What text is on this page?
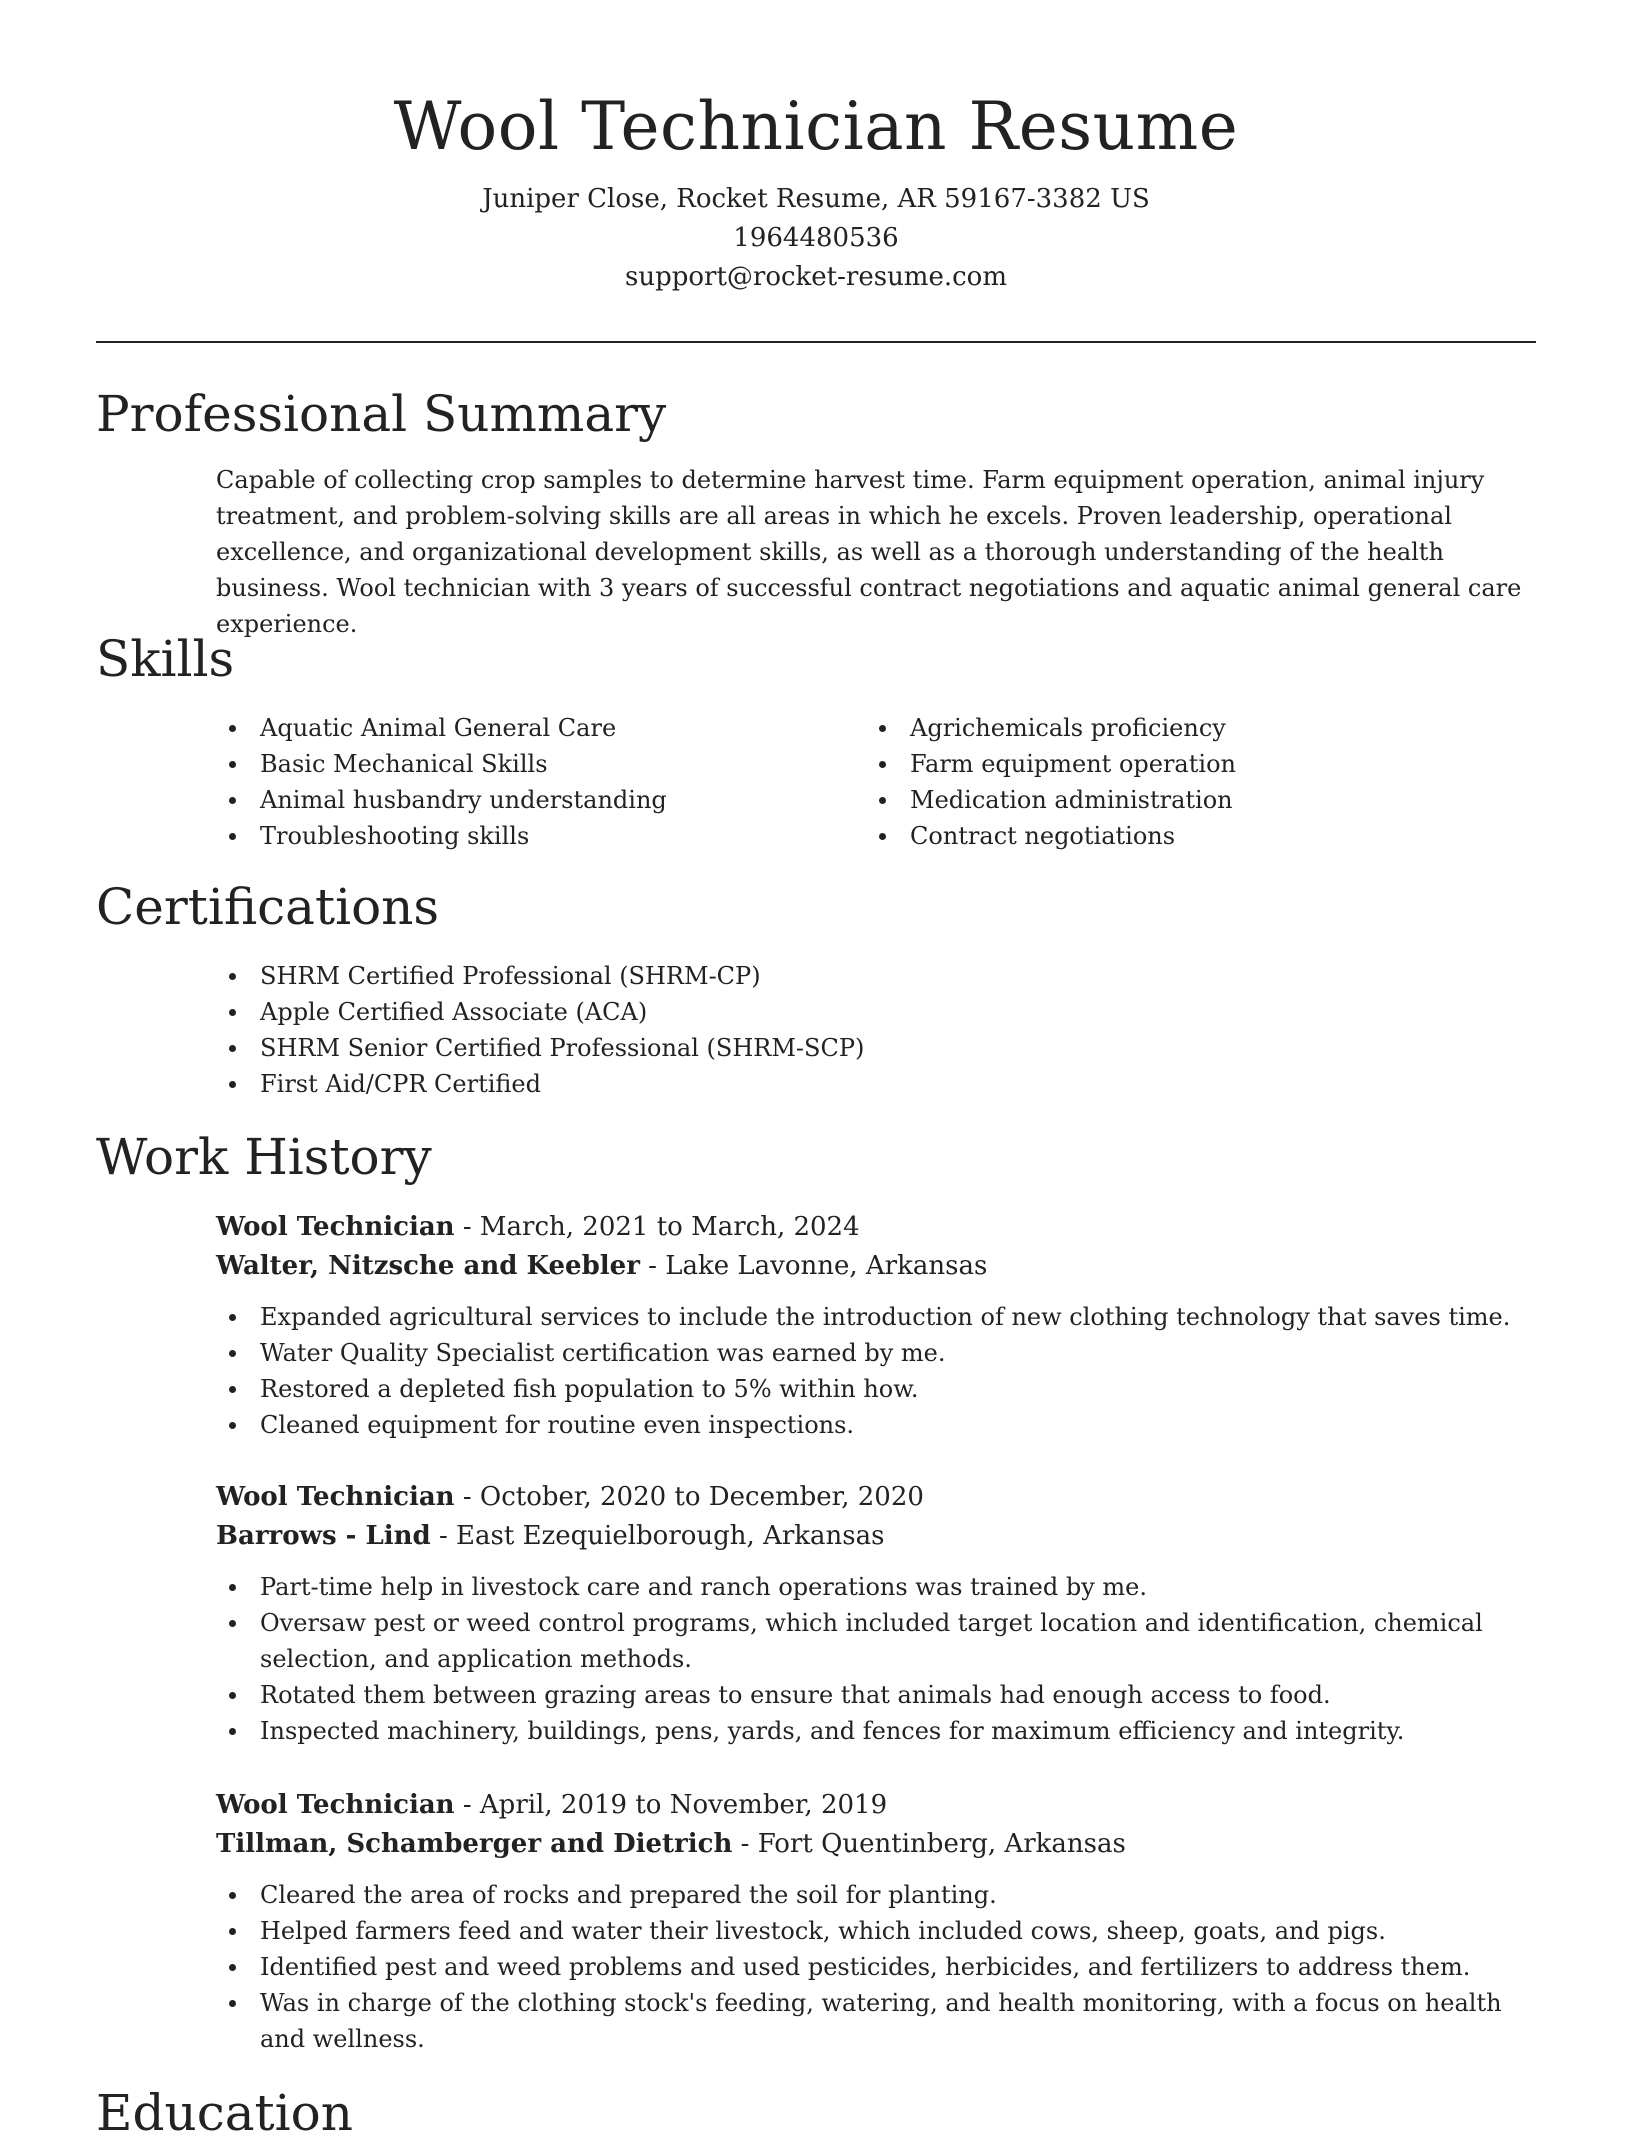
Wool Technician Resume

Juniper Close, Rocket Resume, AR 59167-3382 US

1964480536

support@rocket-resume.com

Professional Summary

Capable of collecting crop samples to determine harvest time. Farm equipment operation, animal injury treatment, and problem-solving skills are all areas in which he excels. Proven leadership, operational excellence, and organizational development skills, as well as a thorough understanding of the health business. Wool technician with 3 years of successful contract negotiations and aquatic animal general care experience.

Skills
Aquatic Animal General Care
Basic Mechanical Skills
Animal husbandry understanding
Troubleshooting skills
Agrichemicals proficiency
Farm equipment operation
Medication administration
Contract negotiations
Certifications
SHRM Certified Professional (SHRM-CP)
Apple Certified Associate (ACA)
SHRM Senior Certified Professional (SHRM-SCP)
First Aid/CPR Certified
Work History

Wool Technician - March, 2021 to March, 2024

Walter, Nitzsche and Keebler - Lake Lavonne, Arkansas

Expanded agricultural services to include the introduction of new clothing technology that saves time.
Water Quality Specialist certification was earned by me.
Restored a depleted fish population to 5% within how.
Cleaned equipment for routine even inspections.

Wool Technician - October, 2020 to December, 2020

Barrows - Lind - East Ezequielborough, Arkansas

Part-time help in livestock care and ranch operations was trained by me.
Oversaw pest or weed control programs, which included target location and identification, chemical selection, and application methods.
Rotated them between grazing areas to ensure that animals had enough access to food.
Inspected machinery, buildings, pens, yards, and fences for maximum efficiency and integrity.

Wool Technician - April, 2019 to November, 2019

Tillman, Schamberger and Dietrich - Fort Quentinberg, Arkansas

Cleared the area of rocks and prepared the soil for planting.
Helped farmers feed and water their livestock, which included cows, sheep, goats, and pigs.
Identified pest and weed problems and used pesticides, herbicides, and fertilizers to address them.
Was in charge of the clothing stock's feeding, watering, and health monitoring, with a focus on health and wellness.
Education
